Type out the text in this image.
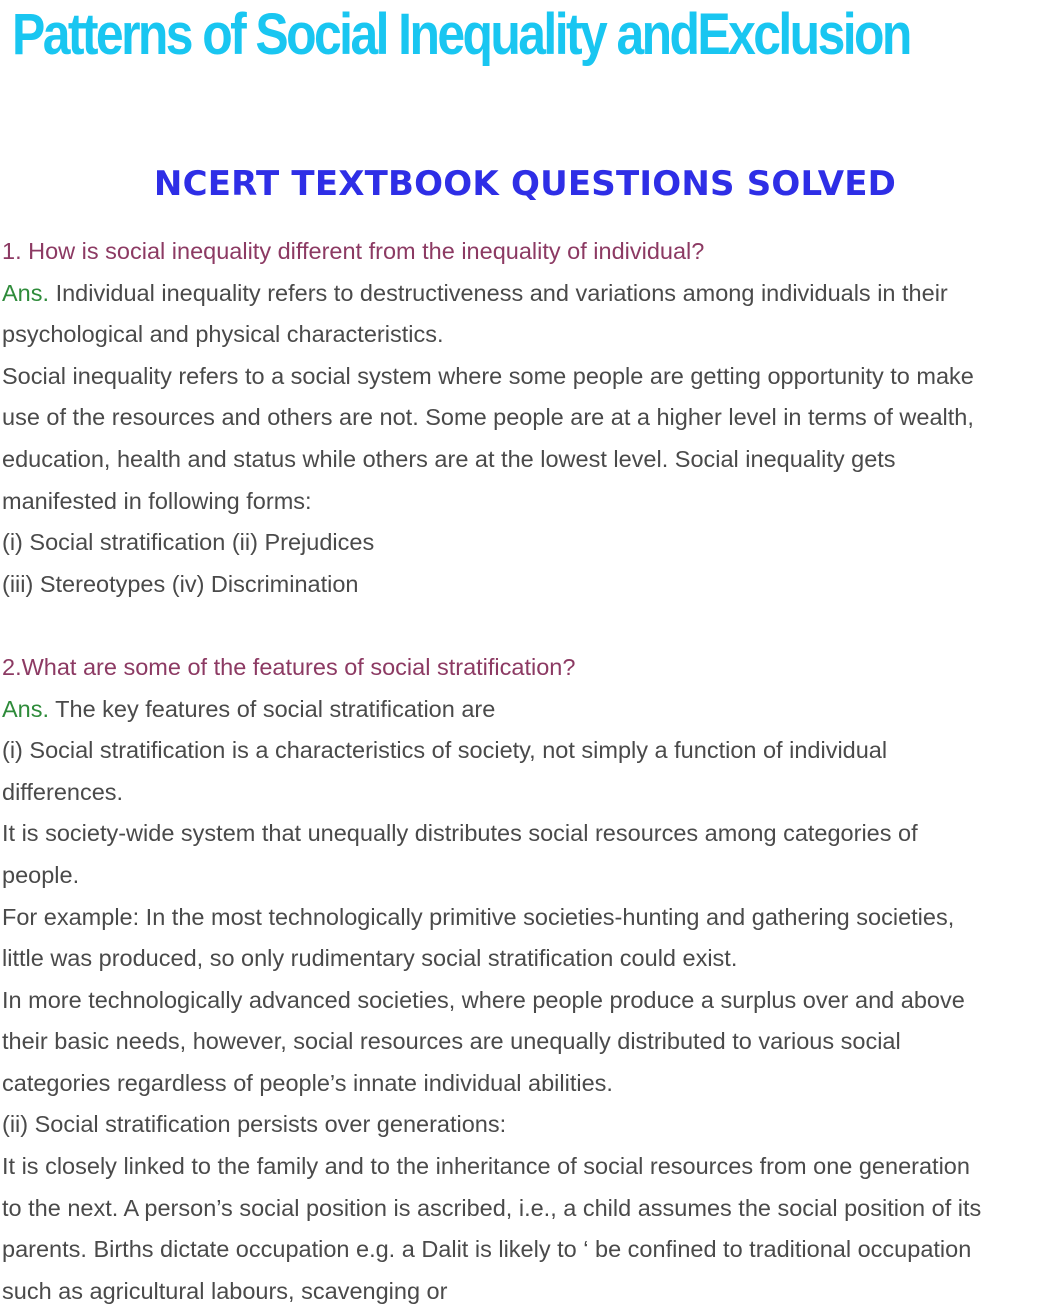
Patterns of Social Inequality andExclusion
NCERT TEXTBOOK QUESTIONS SOLVED
1. How is social inequality different from the inequality of individual?
Ans. Individual inequality refers to destructiveness and variations among individuals in their
psychological and physical characteristics.
Social inequality refers to a social system where some people are getting opportunity to make
use of the resources and others are not. Some people are at a higher level in terms of wealth,
education, health and status while others are at the lowest level. Social inequality gets
manifested in following forms:
(i) Social stratification (ii) Prejudices
(iii) Stereotypes (iv) Discrimination
2.What are some of the features of social stratification?
Ans. The key features of social stratification are
(i) Social stratification is a characteristics of society, not simply a function of individual
differences.
It is society-wide system that unequally distributes social resources among categories of
people.
For example: In the most technologically primitive societies-hunting and gathering societies,
little was produced, so only rudimentary social stratification could exist.
In more technologically advanced societies, where people produce a surplus over and above
their basic needs, however, social resources are unequally distributed to various social
categories regardless of people’s innate individual abilities.
(ii) Social stratification persists over generations:
It is closely linked to the family and to the inheritance of social resources from one generation
to the next. A person’s social position is ascribed, i.e., a child assumes the social position of its
parents. Births dictate occupation e.g. a Dalit is likely to ‘ be confined to traditional occupation
such as agricultural labours, scavenging or
